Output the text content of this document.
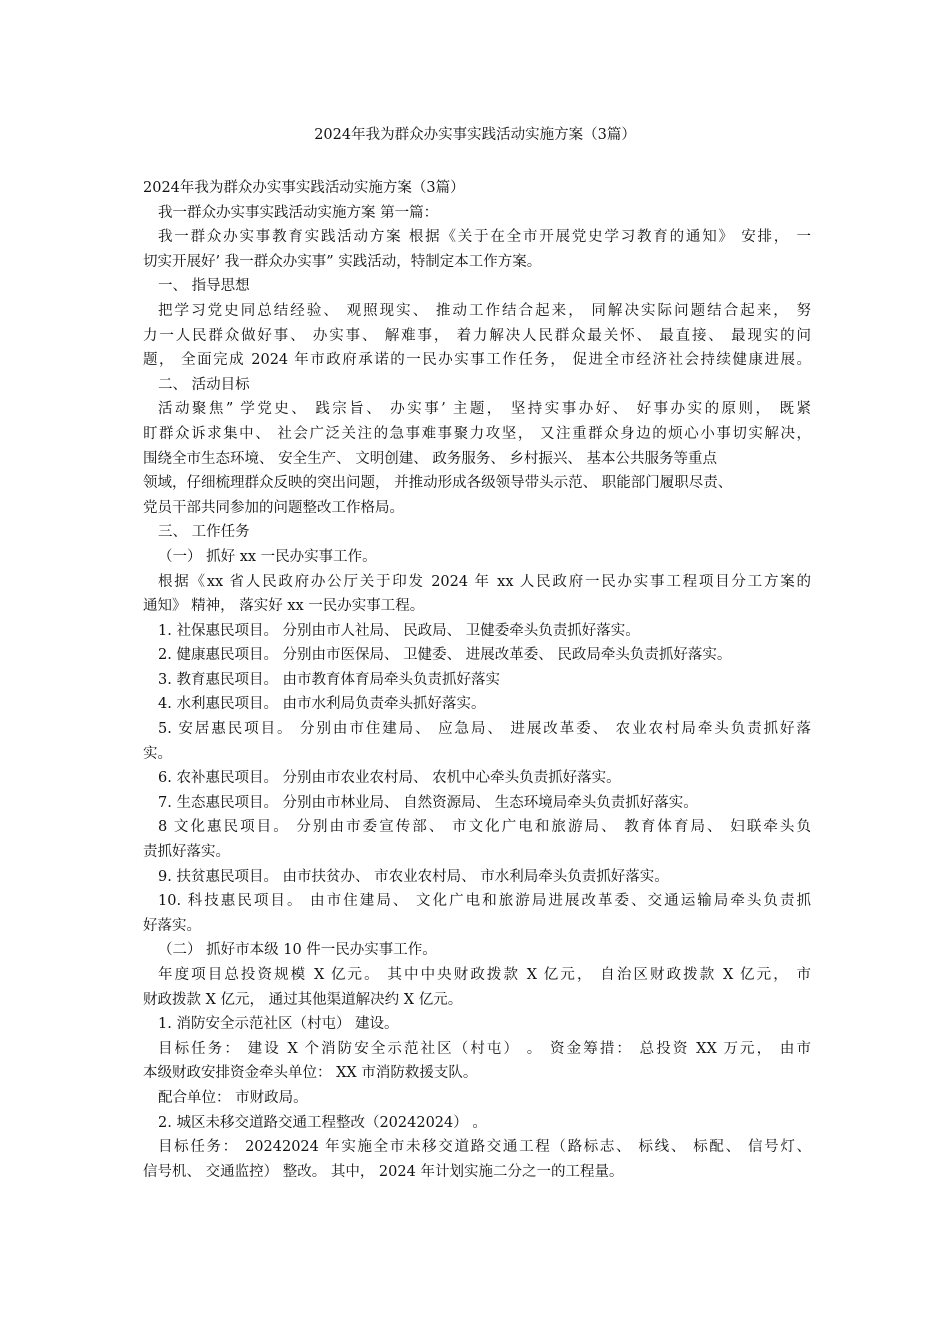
2024年我为群众办实事实践活动实施方案（3篇）
2024年我为群众办实事实践活动实施方案（3篇）
我一群众办实事实践活动实施方案 第一篇：
我一群众办实事教育实践活动方案 根据《关于在全市开展党史学习教育的通知》 安排， 一
切实开展好’ 我一群众办实事” 实践活动，特制定本工作方案。
一、 指导思想
把学习党史同总结经验、 观照现实、 推动工作结合起来， 同解决实际问题结合起来， 努
力一人民群众做好事、 办实事、 解难事， 着力解决人民群众最关怀、 最直接、 最现实的问
题， 全面完成 2024 年市政府承诺的一民办实事工作任务， 促进全市经济社会持续健康进展。
二、 活动目标
活动聚焦” 学党史、 践宗旨、 办实事’ 主题， 坚持实事办好、 好事办实的原则， 既紧
盯群众诉求集中、 社会广泛关注的急事难事聚力攻坚， 又注重群众身边的烦心小事切实解决，
围绕全市生态环境、 安全生产、 文明创建、 政务服务、 乡村振兴、 基本公共服务等重点
领域，仔细梳理群众反映的突出问题， 并推动形成各级领导带头示范、 职能部门履职尽责、
党员干部共同参加的问题整改工作格局。
三、 工作任务
（一） 抓好 xx 一民办实事工作。
根据《xx 省人民政府办公厅关于印发 2024 年 xx 人民政府一民办实事工程项目分工方案的
通知》 精神， 落实好 xx 一民办实事工程。
1. 社保惠民项目。 分别由市人社局、 民政局、 卫健委牵头负责抓好落实。
2. 健康惠民项目。 分别由市医保局、 卫健委、 进展改革委、 民政局牵头负责抓好落实。
3. 教育惠民项目。 由市教育体育局牵头负责抓好落实
4. 水利惠民项目。 由市水利局负责牵头抓好落实。
5. 安居惠民项目。 分别由市住建局、 应急局、 进展改革委、 农业农村局牵头负责抓好落
实。
6. 农补惠民项目。 分别由市农业农村局、 农机中心牵头负责抓好落实。
7. 生态惠民项目。 分别由市林业局、 自然资源局、 生态环境局牵头负责抓好落实。
8 文化惠民项目。 分别由市委宣传部、 市文化广电和旅游局、 教育体育局、 妇联牵头负
责抓好落实。
9. 扶贫惠民项目。 由市扶贫办、 市农业农村局、 市水利局牵头负责抓好落实。
10. 科技惠民项目。 由市住建局、 文化广电和旅游局进展改革委、交通运输局牵头负责抓
好落实。
（二） 抓好市本级 10 件一民办实事工作。
年度项目总投资规模 X 亿元。 其中中央财政拨款 X 亿元， 自治区财政拨款 X 亿元， 市
财政拨款 X 亿元， 通过其他渠道解决约 X 亿元。
1. 消防安全示范社区（村屯） 建设。
目标任务： 建设 X 个消防安全示范社区（村屯） 。 资金筹措： 总投资 XX 万元， 由市
本级财政安排资金牵头单位： XX 市消防救援支队。
配合单位： 市财政局。
2. 城区未移交道路交通工程整改（20242024） 。
目标任务： 20242024 年实施全市未移交道路交通工程（路标志、 标线、 标配、 信号灯、
信号机、 交通监控） 整改。 其中， 2024 年计划实施二分之一的工程量。
